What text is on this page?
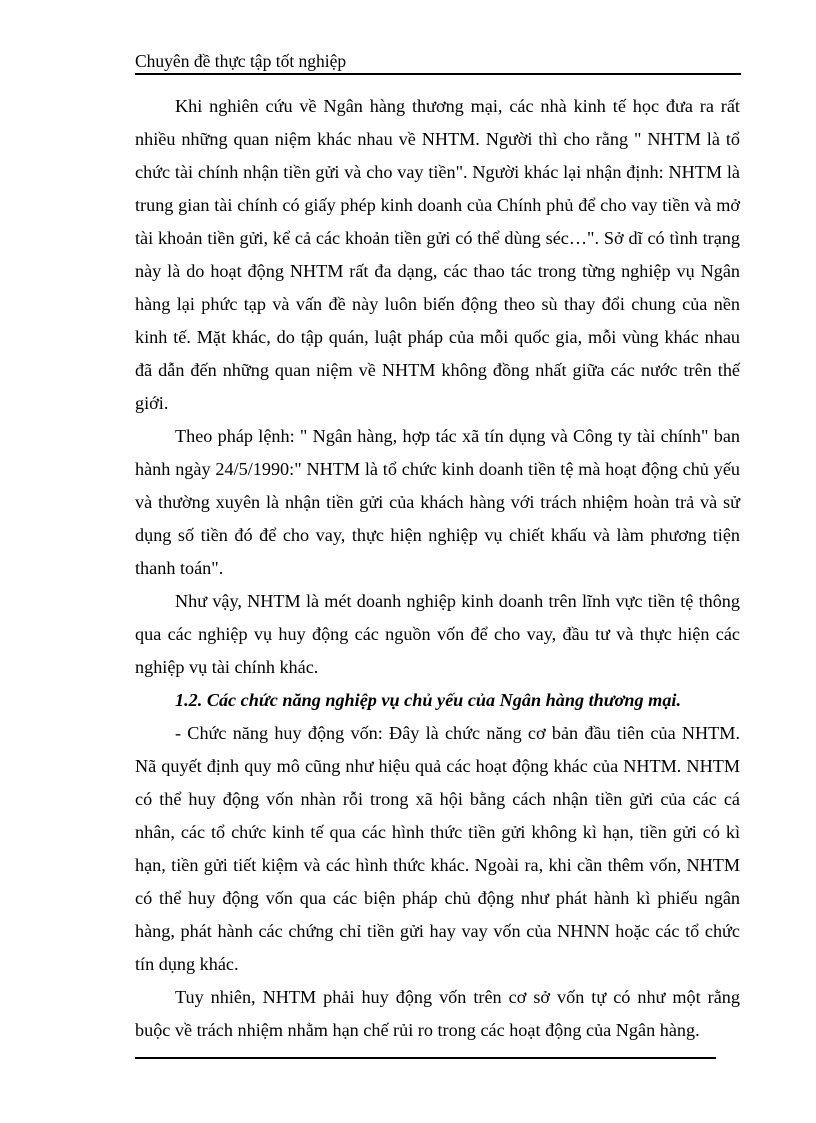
Chuyên đề thực tập tốt nghiệp

Khi nghiên cứu về Ngân hàng thương mại, các nhà kinh tế học đưa ra rất nhiều những quan niệm khác nhau về NHTM. Người thì cho rằng " NHTM là tổ chức tài chính nhận tiền gửi và cho vay tiền". Người khác lại nhận định: NHTM là trung gian tài chính có giấy phép kinh doanh của Chính phủ để cho vay tiền và mở tài khoản tiền gửi, kể cả các khoản tiền gửi có thể dùng séc…". Sở dĩ có tình trạng này là do hoạt động NHTM rất đa dạng, các thao tác trong từng nghiệp vụ Ngân hàng lại phức tạp và vấn đề này luôn biến động theo sù thay đổi chung của nền kinh tế. Mặt khác, do tập quán, luật pháp của mỗi quốc gia, mỗi vùng khác nhau đã dẫn đến những quan niệm về NHTM không đồng nhất giữa các nước trên thế giới.

Theo pháp lệnh: " Ngân hàng, hợp tác xã tín dụng và Công ty tài chính" ban hành ngày 24/5/1990:" NHTM là tổ chức kinh doanh tiền tệ mà hoạt động chủ yếu và thường xuyên là nhận tiền gửi của khách hàng với trách nhiệm hoàn trả và sử dụng số tiền đó để cho vay, thực hiện nghiệp vụ chiết khấu và làm phương tiện thanh toán".

Như vậy, NHTM là mét doanh nghiệp kinh doanh trên lĩnh vực tiền tệ thông qua các nghiệp vụ huy động các nguồn vốn để cho vay, đầu tư và thực hiện các nghiệp vụ tài chính khác.

1.2. Các chức năng nghiệp vụ chủ yếu của Ngân hàng thương mại.

- Chức năng huy động vốn: Đây là chức năng cơ bản đầu tiên của NHTM. Nã quyết định quy mô cũng như hiệu quả các hoạt động khác của NHTM. NHTM có thể huy động vốn nhàn rỗi trong xã hội bằng cách nhận tiền gửi của các cá nhân, các tổ chức kinh tế qua các hình thức tiền gửi không kì hạn, tiền gửi có kì hạn, tiền gửi tiết kiệm và các hình thức khác. Ngoài ra, khi cần thêm vốn, NHTM có thể huy động vốn qua các biện pháp chủ động như phát hành kì phiếu ngân hàng, phát hành các chứng chỉ tiền gửi hay vay vốn của NHNN hoặc các tổ chức tín dụng khác.

Tuy nhiên, NHTM phải huy động vốn trên cơ sở vốn tự có như một rằng buộc về trách nhiệm nhằm hạn chế rủi ro trong các hoạt động của Ngân hàng.
